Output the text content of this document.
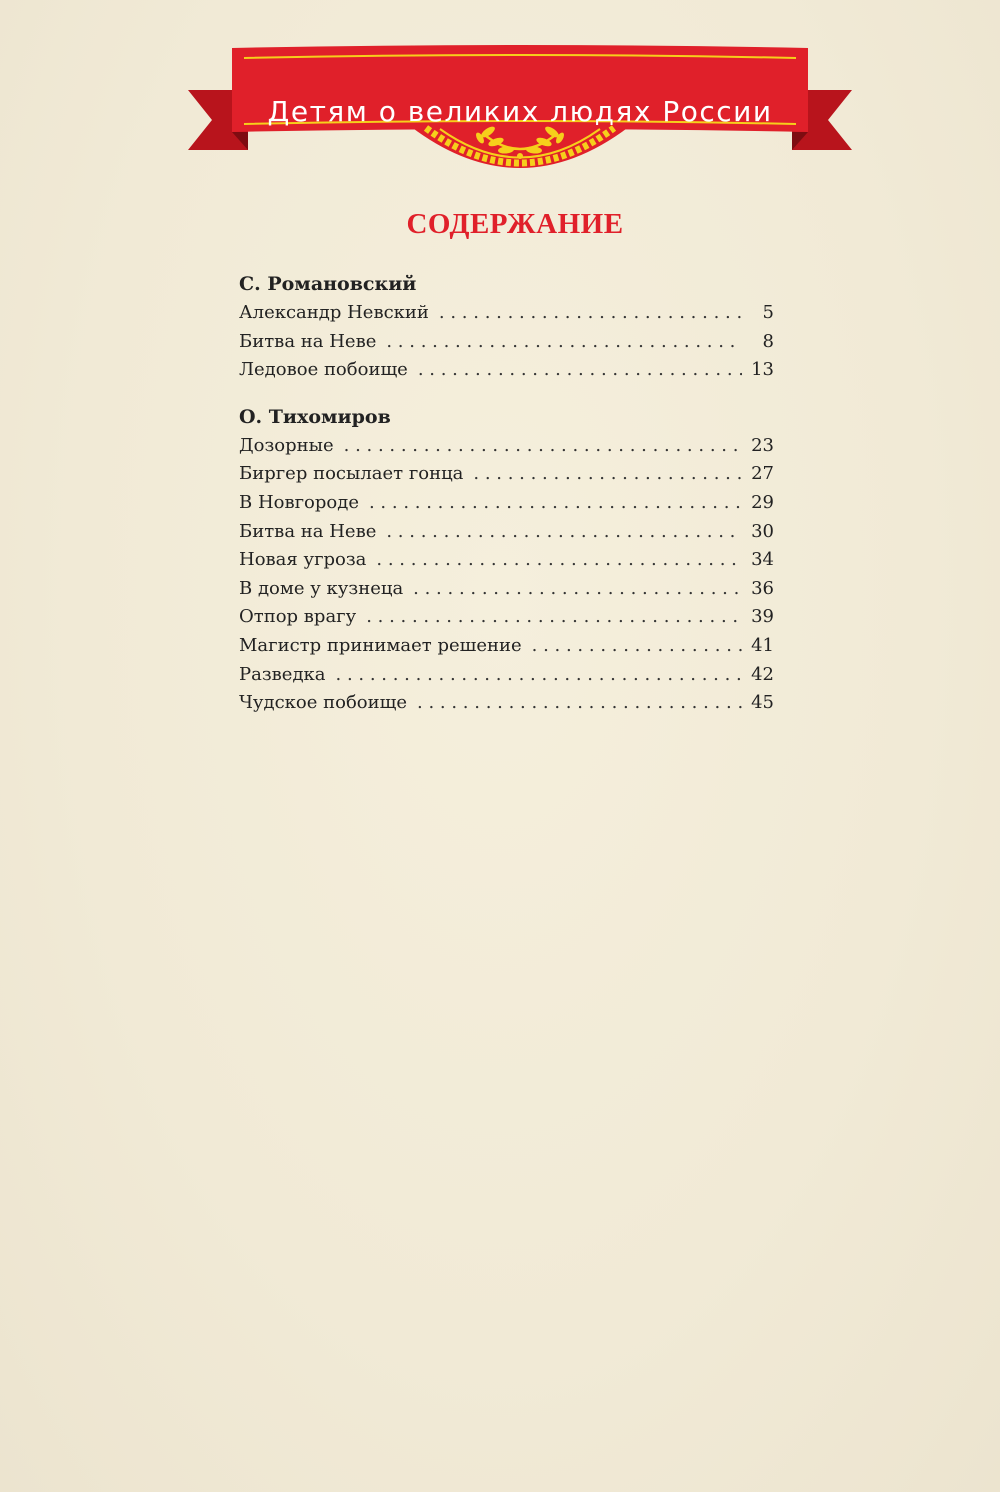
Детям о великих людях России
СОДЕРЖАНИЕ

С. Романовский

Александр Невский . . .	5
Битва на Неве . . .	8
Ледовое побоище . . .	13

О. Тихомиров

Дозорные . . .	23
Биргер посылает гонца . . .	27
В Новгороде . . .	29
Битва на Неве . . .	30
Новая угроза . . .	34
В доме у кузнеца . . .	36
Отпор врагу . . .	39
Магистр принимает решение . . .	41
Разведка . . .	42
Чудское побоище . . .	45
